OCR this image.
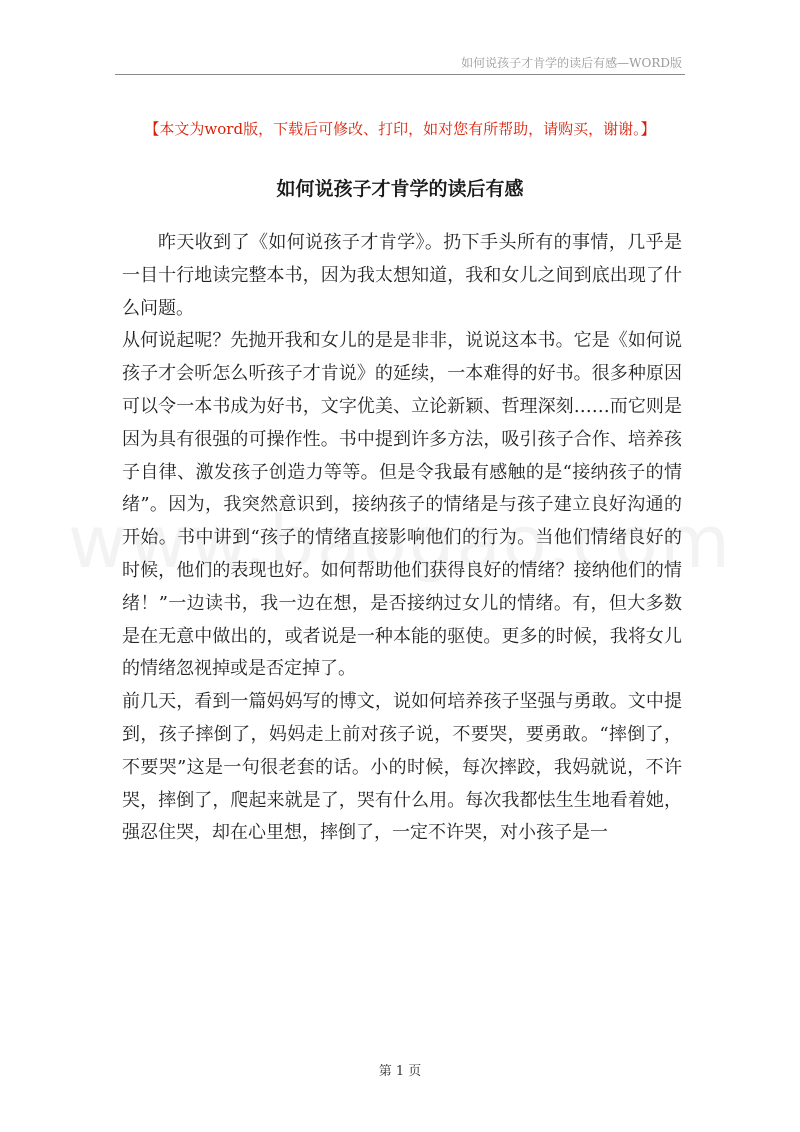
如何说孩子才肯学的读后有感—WORD版
【本文为word版，下载后可修改、打印，如对您有所帮助，请购买，谢谢。】
如何说孩子才肯学的读后有感

昨天收到了《如何说孩子才肯学》。扔下手头所有的事情，几乎是一目十行地读完整本书，因为我太想知道，我和女儿之间到底出现了什么问题。

从何说起呢？先抛开我和女儿的是是非非，说说这本书。它是《如何说孩子才会听怎么听孩子才肯说》的延续，一本难得的好书。很多种原因可以令一本书成为好书，文字优美、立论新颖、哲理深刻……而它则是因为具有很强的可操作性。书中提到许多方法，吸引孩子合作、培养孩子自律、激发孩子创造力等等。但是令我最有感触的是“接纳孩子的情绪”。因为，我突然意识到，接纳孩子的情绪是与孩子建立良好沟通的开始。书中讲到“孩子的情绪直接影响他们的行为。当他们情绪良好的时候，他们的表现也好。如何帮助他们获得良好的情绪？接纳他们的情绪！”一边读书，我一边在想，是否接纳过女儿的情绪。有，但大多数是在无意中做出的，或者说是一种本能的驱使。更多的时候，我将女儿的情绪忽视掉或是否定掉了。

前几天，看到一篇妈妈写的博文，说如何培养孩子坚强与勇敢。文中提到，孩子摔倒了，妈妈走上前对孩子说，不要哭，要勇敢。“摔倒了，不要哭”这是一句很老套的话。小的时候，每次摔跤，我妈就说，不许哭，摔倒了，爬起来就是了，哭有什么用。每次我都怯生生地看着她，强忍住哭，却在心里想，摔倒了，一定不许哭，对小孩子是一

第 1 页
